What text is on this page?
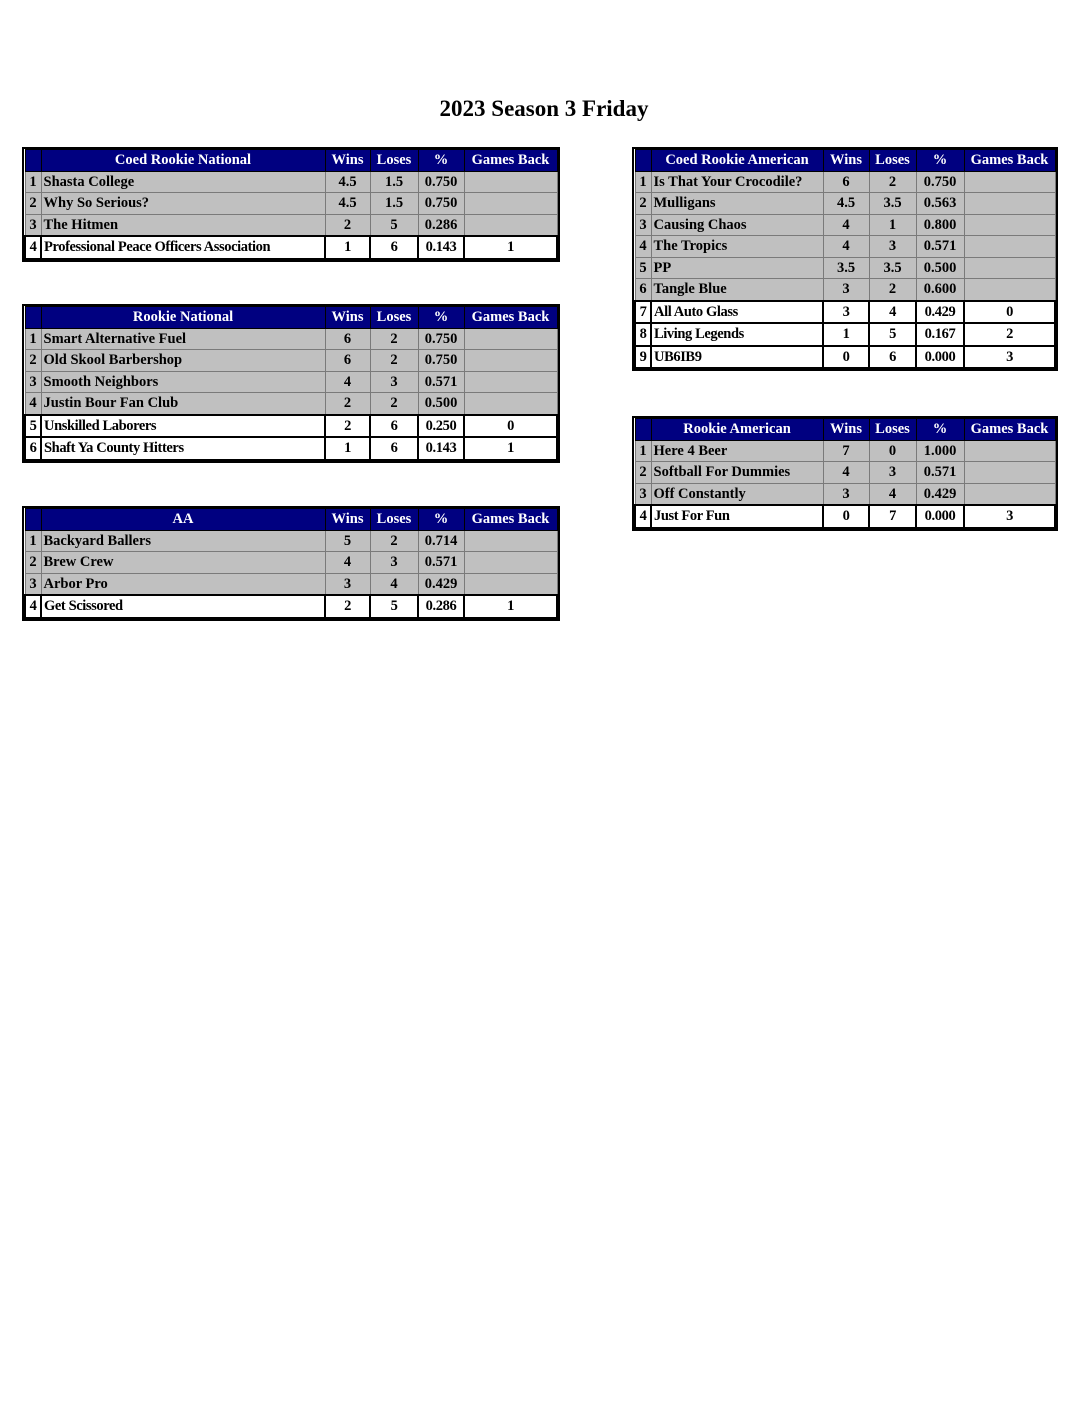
2023 Season 3 Friday
	Coed Rookie National	Wins	Loses	%	Games Back
1	Shasta College	4.5	1.5	0.750	
2	Why So Serious?	4.5	1.5	0.750	
3	The Hitmen	2	5	0.286	
4	Professional Peace Officers Association	1	6	0.143	1
	Rookie National	Wins	Loses	%	Games Back
1	Smart Alternative Fuel	6	2	0.750	
2	Old Skool Barbershop	6	2	0.750	
3	Smooth Neighbors	4	3	0.571	
4	Justin Bour Fan Club	2	2	0.500	
5	Unskilled Laborers	2	6	0.250	0
6	Shaft Ya County Hitters	1	6	0.143	1
	AA	Wins	Loses	%	Games Back
1	Backyard Ballers	5	2	0.714	
2	Brew Crew	4	3	0.571	
3	Arbor Pro	3	4	0.429	
4	Get Scissored	2	5	0.286	1
	Coed Rookie American	Wins	Loses	%	Games Back
1	Is That Your Crocodile?	6	2	0.750	
2	Mulligans	4.5	3.5	0.563	
3	Causing Chaos	4	1	0.800	
4	The Tropics	4	3	0.571	
5	PP	3.5	3.5	0.500	
6	Tangle Blue	3	2	0.600	
7	All Auto Glass	3	4	0.429	0
8	Living Legends	1	5	0.167	2
9	UB6IB9	0	6	0.000	3
	Rookie American	Wins	Loses	%	Games Back
1	Here 4 Beer	7	0	1.000	
2	Softball For Dummies	4	3	0.571	
3	Off Constantly	3	4	0.429	
4	Just For Fun	0	7	0.000	3
